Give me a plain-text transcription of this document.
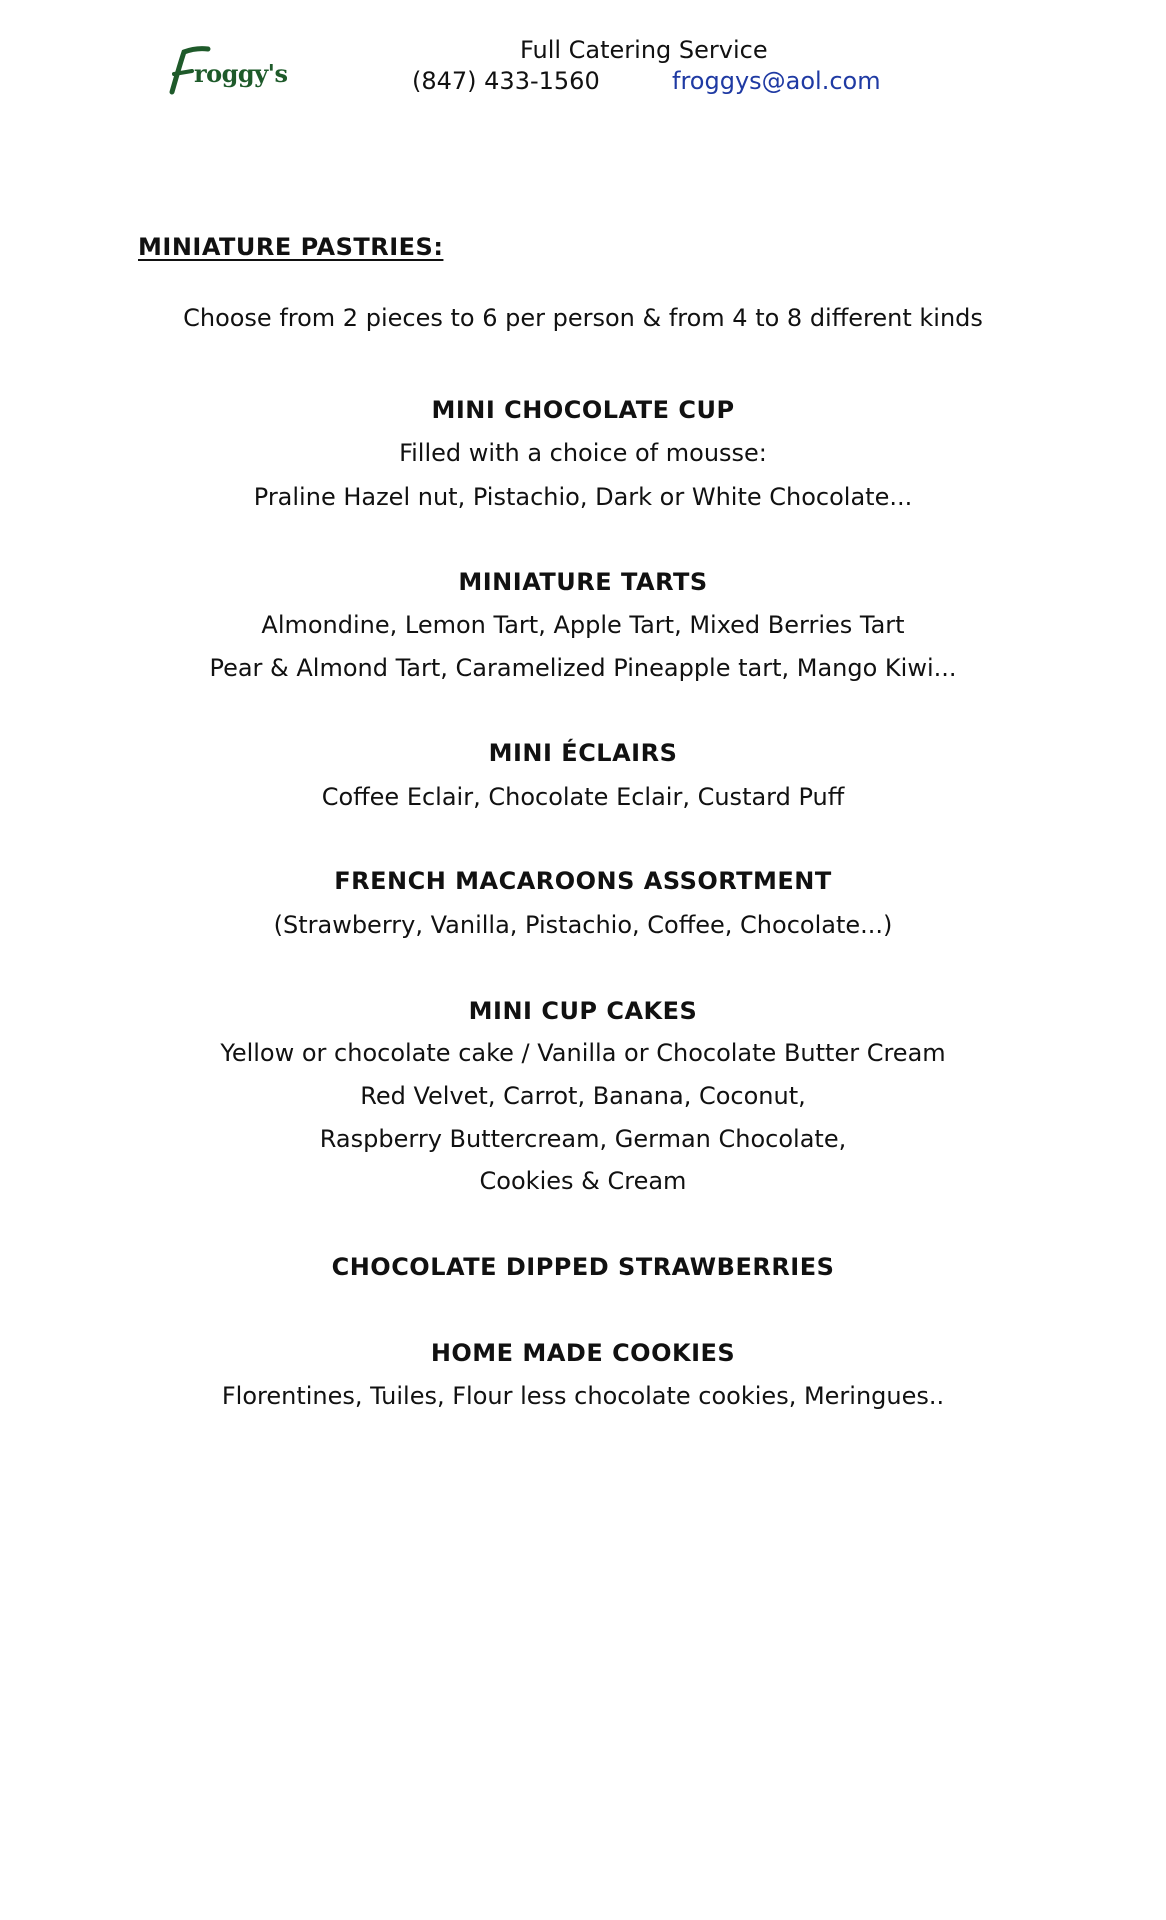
roggy's
Full Catering Service
(847) 433-1560	froggys@aol.com
MINIATURE PASTRIES:
Choose from 2 pieces to 6 per person & from 4 to 8 different kinds
MINI CHOCOLATE CUP
Filled with a choice of mousse:
Praline Hazel nut, Pistachio, Dark or White Chocolate...
MINIATURE TARTS
Almondine, Lemon Tart, Apple Tart, Mixed Berries Tart
Pear & Almond Tart, Caramelized Pineapple tart, Mango Kiwi...
MINI ÉCLAIRS
Coffee Eclair, Chocolate Eclair, Custard Puff
FRENCH MACAROONS ASSORTMENT
(Strawberry, Vanilla, Pistachio, Coffee, Chocolate...)
MINI CUP CAKES
Yellow or chocolate cake / Vanilla or Chocolate Butter Cream
Red Velvet, Carrot, Banana, Coconut,
Raspberry Buttercream, German Chocolate,
Cookies & Cream
CHOCOLATE DIPPED STRAWBERRIES
HOME MADE COOKIES
Florentines, Tuiles, Flour less chocolate cookies, Meringues..
